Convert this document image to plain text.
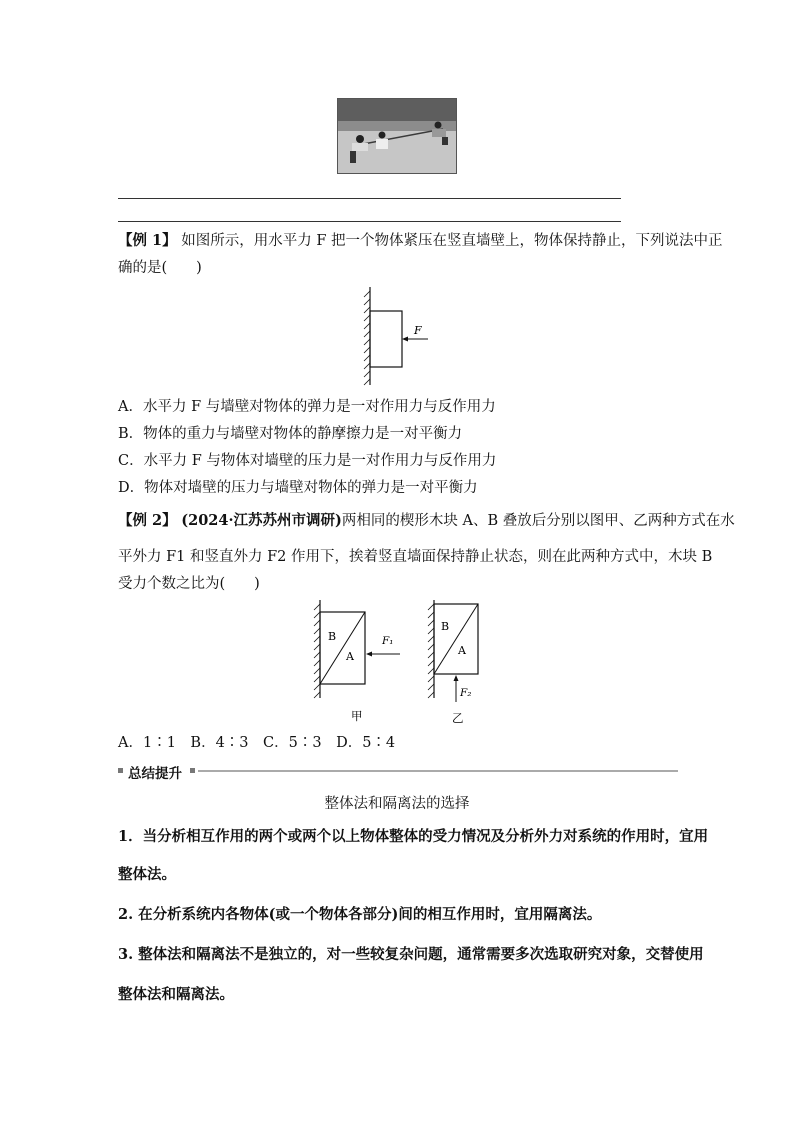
【例 1】 如图所示，用水平力 F 把一个物体紧压在竖直墙壁上，物体保持静止，下列说法中正
确的是(　　)
F
A．水平力 F 与墙壁对物体的弹力是一对作用力与反作用力
B．物体的重力与墙壁对物体的静摩擦力是一对平衡力
C．水平力 F 与物体对墙壁的压力是一对作用力与反作用力
D．物体对墙壁的压力与墙壁对物体的弹力是一对平衡力
【例 2】 (2024·江苏苏州市调研)两相同的楔形木块 A、B 叠放后分别以图甲、乙两种方式在水
平外力 F1 和竖直外力 F2 作用下，挨着竖直墙面保持静止状态，则在此两种方式中，木块 B
受力个数之比为(　　)
B
A
F₁
甲
B
A
F₂
乙
A．1∶1　B．4∶3　C．5∶3　D．5∶4
总结提升
整体法和隔离法的选择
1．当分析相互作用的两个或两个以上物体整体的受力情况及分析外力对系统的作用时，宜用
整体法。
2. 在分析系统内各物体(或一个物体各部分)间的相互作用时，宜用隔离法。
3. 整体法和隔离法不是独立的，对一些较复杂问题，通常需要多次选取研究对象，交替使用
整体法和隔离法。
